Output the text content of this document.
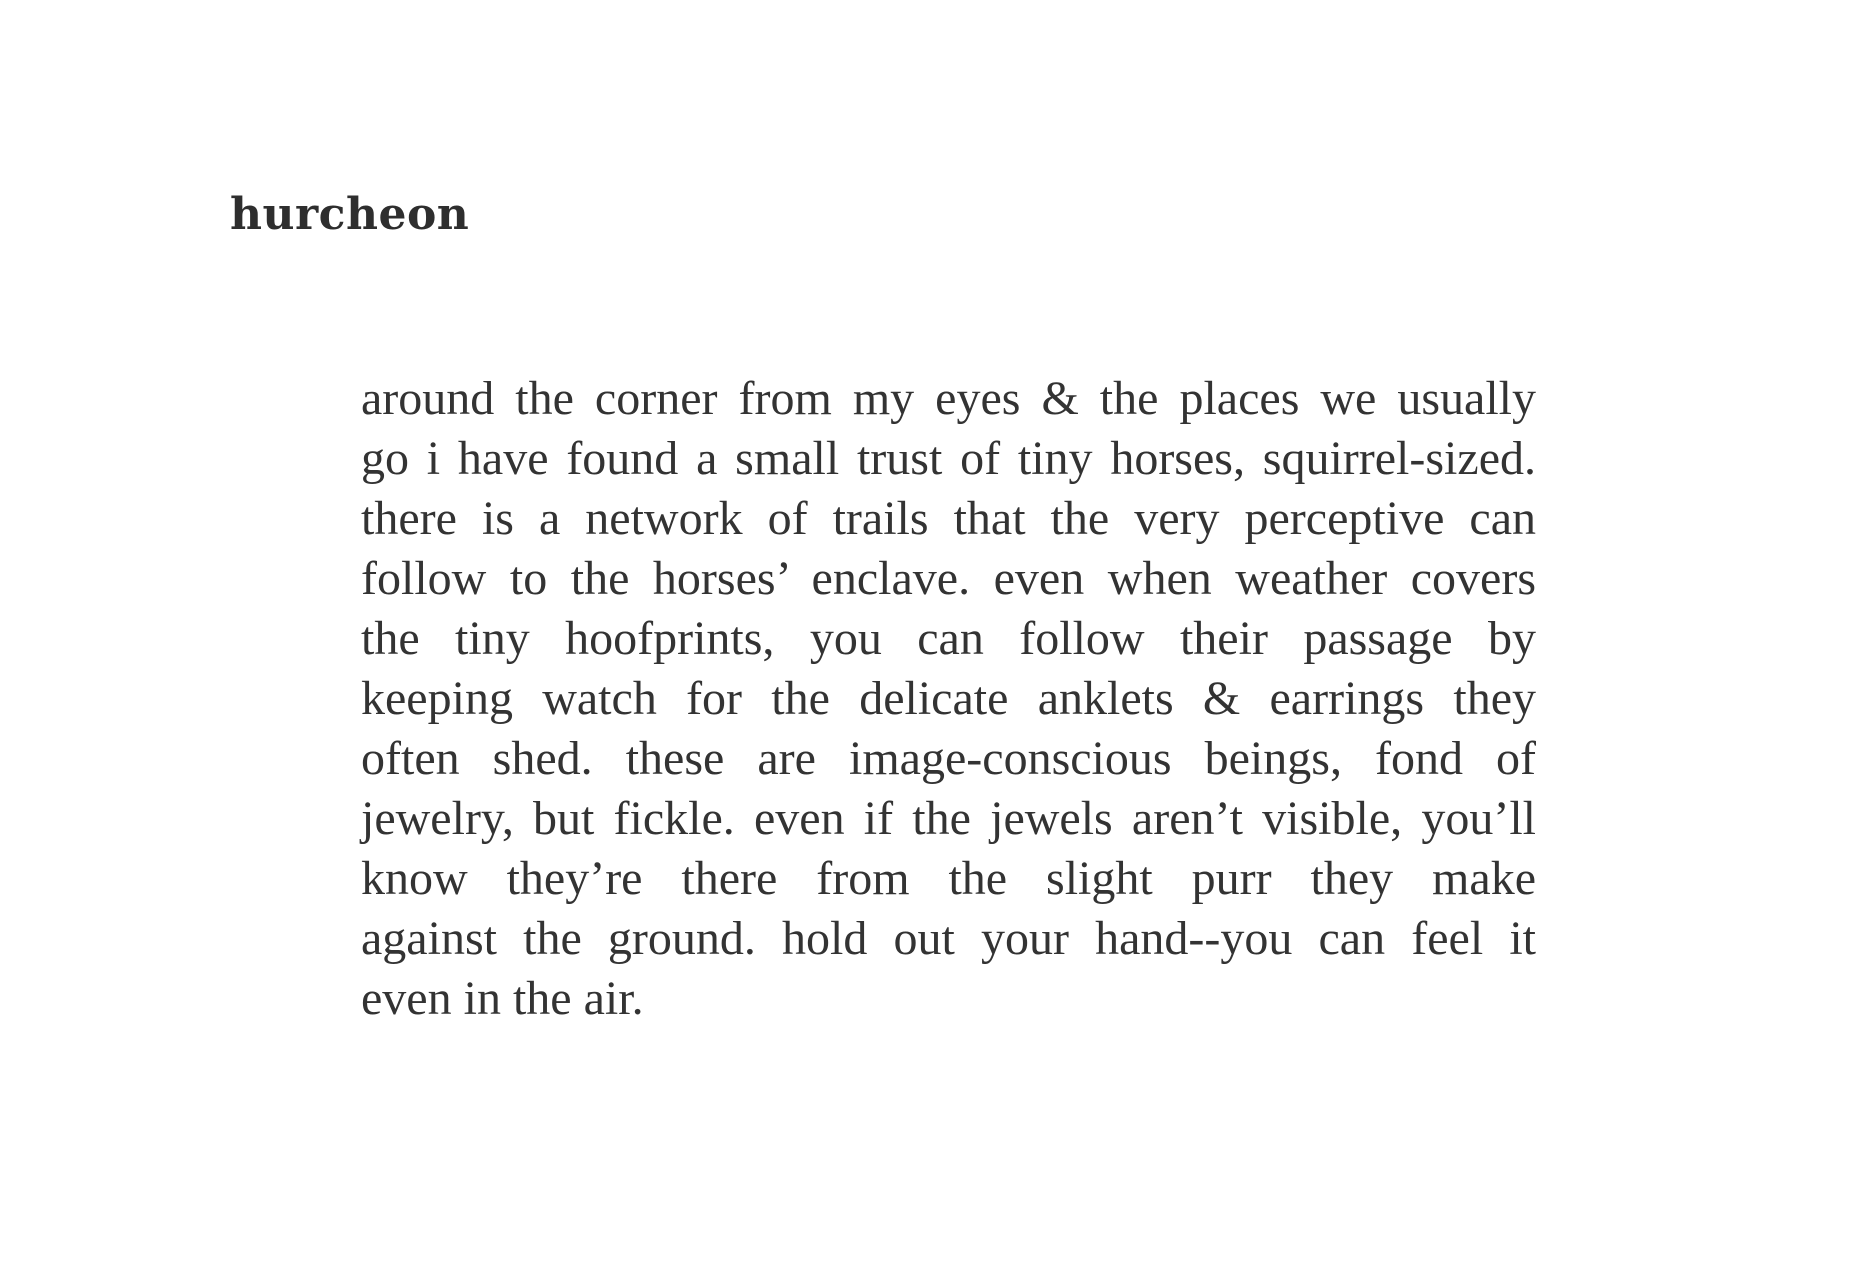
hurcheon
around the corner from my eyes & the places we usually
go i have found a small trust of tiny horses, squirrel-sized.
there is a network of trails that the very perceptive can
follow to the horses’ enclave. even when weather covers
the tiny hoofprints, you can follow their passage by
keeping watch for the delicate anklets & earrings they
often shed. these are image-conscious beings, fond of
jewelry, but fickle. even if the jewels aren’t visible, you’ll
know they’re there from the slight purr they make
against the ground. hold out your hand--you can feel it
even in the air.
